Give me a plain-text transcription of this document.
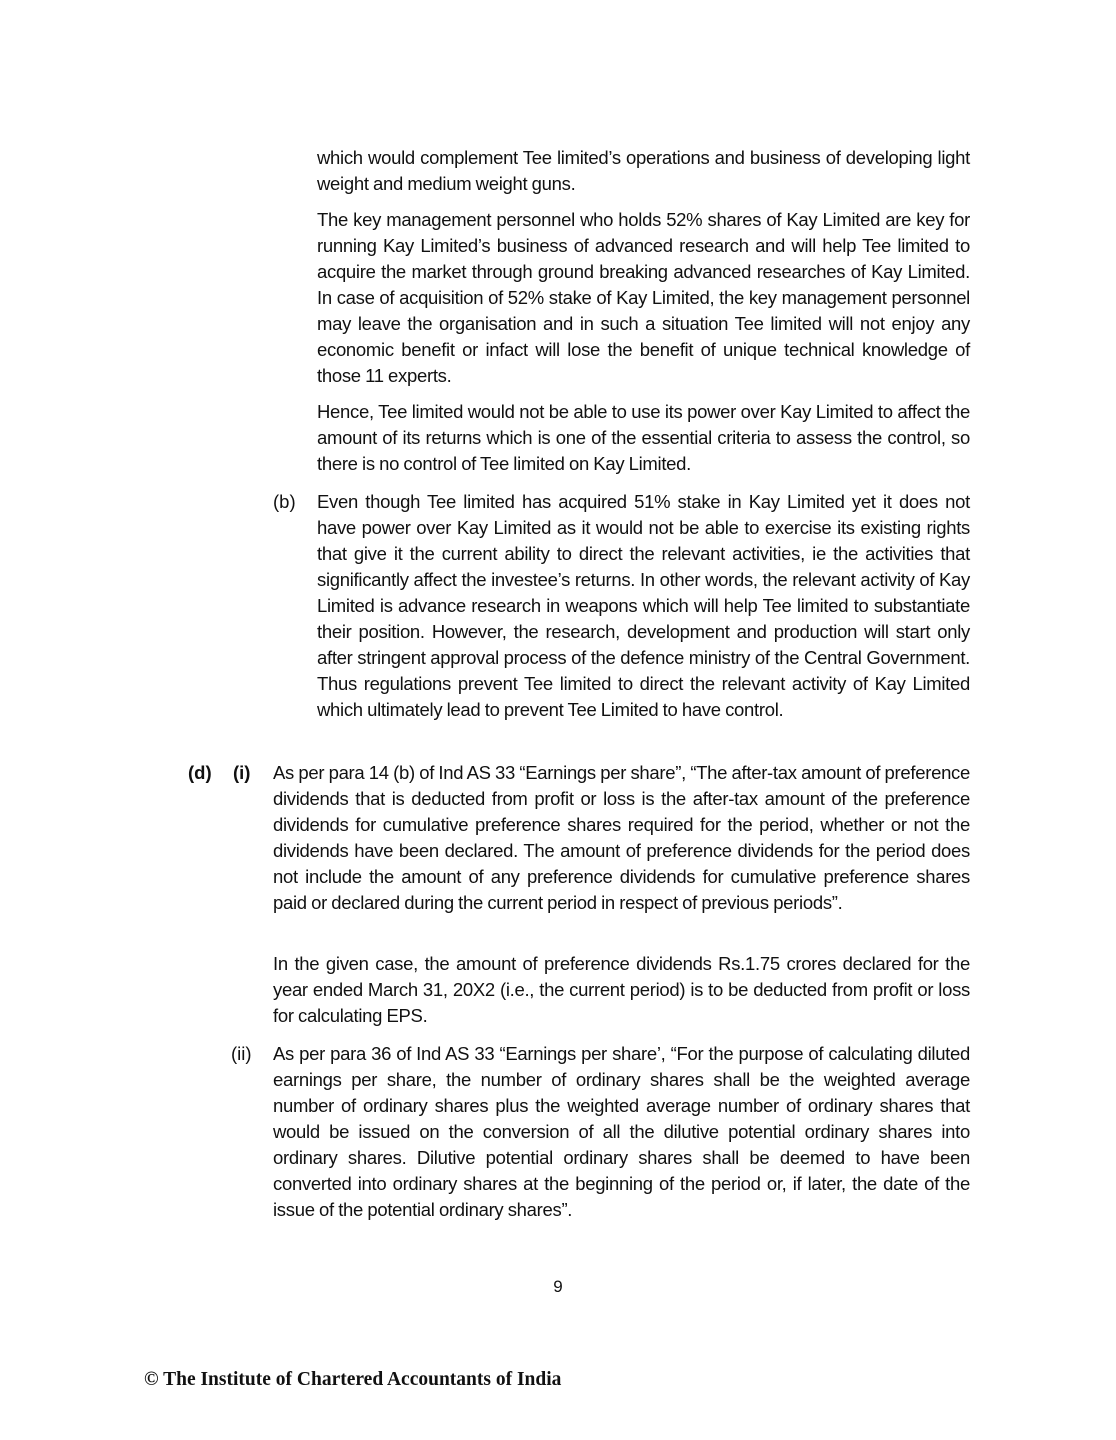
which would complement Tee limited’s operations and business of developing light weight and medium weight guns.

The key management personnel who holds 52% shares of Kay Limited are key for running Kay Limited’s business of advanced research and will help Tee limited to acquire the market through ground breaking advanced researches of Kay Limited. In case of acquisition of 52% stake of Kay Limited, the key management personnel may leave the organisation and in such a situation Tee limited will not enjoy any economic benefit or infact will lose the benefit of unique technical knowledge of those 11 experts.

Hence, Tee limited would not be able to use its power over Kay Limited to affect the amount of its returns which is one of the essential criteria to assess the control, so there is no control of Tee limited on Kay Limited.

(b) Even though Tee limited has acquired 51% stake in Kay Limited yet it does not have power over Kay Limited as it would not be able to exercise its existing rights that give it the current ability to direct the relevant activities, ie the activities that significantly affect the investee’s returns. In other words, the relevant activity of Kay Limited is advance research in weapons which will help Tee limited to substantiate their position. However, the research, development and production will start only after stringent approval process of the defence ministry of the Central Government. Thus regulations prevent Tee limited to direct the relevant activity of Kay Limited which ultimately lead to prevent Tee Limited to have control.

(d) (i) As per para 14 (b) of Ind AS 33 “Earnings per share”, “The after-tax amount of preference dividends that is deducted from profit or loss is the after-tax amount of the preference dividends for cumulative preference shares required for the period, whether or not the dividends have been declared. The amount of preference dividends for the period does not include the amount of any preference dividends for cumulative preference shares paid or declared during the current period in respect of previous periods”.

In the given case, the amount of preference dividends Rs.1.75 crores declared for the year ended March 31, 20X2 (i.e., the current period) is to be deducted from profit or loss for calculating EPS.

(ii) As per para 36 of Ind AS 33 “Earnings per share’, “For the purpose of calculating diluted earnings per share, the number of ordinary shares shall be the weighted average number of ordinary shares plus the weighted average number of ordinary shares that would be issued on the conversion of all the dilutive potential ordinary shares into ordinary shares. Dilutive potential ordinary shares shall be deemed to have been converted into ordinary shares at the beginning of the period or, if later, the date of the issue of the potential ordinary shares”.

9
© The Institute of Chartered Accountants of India
